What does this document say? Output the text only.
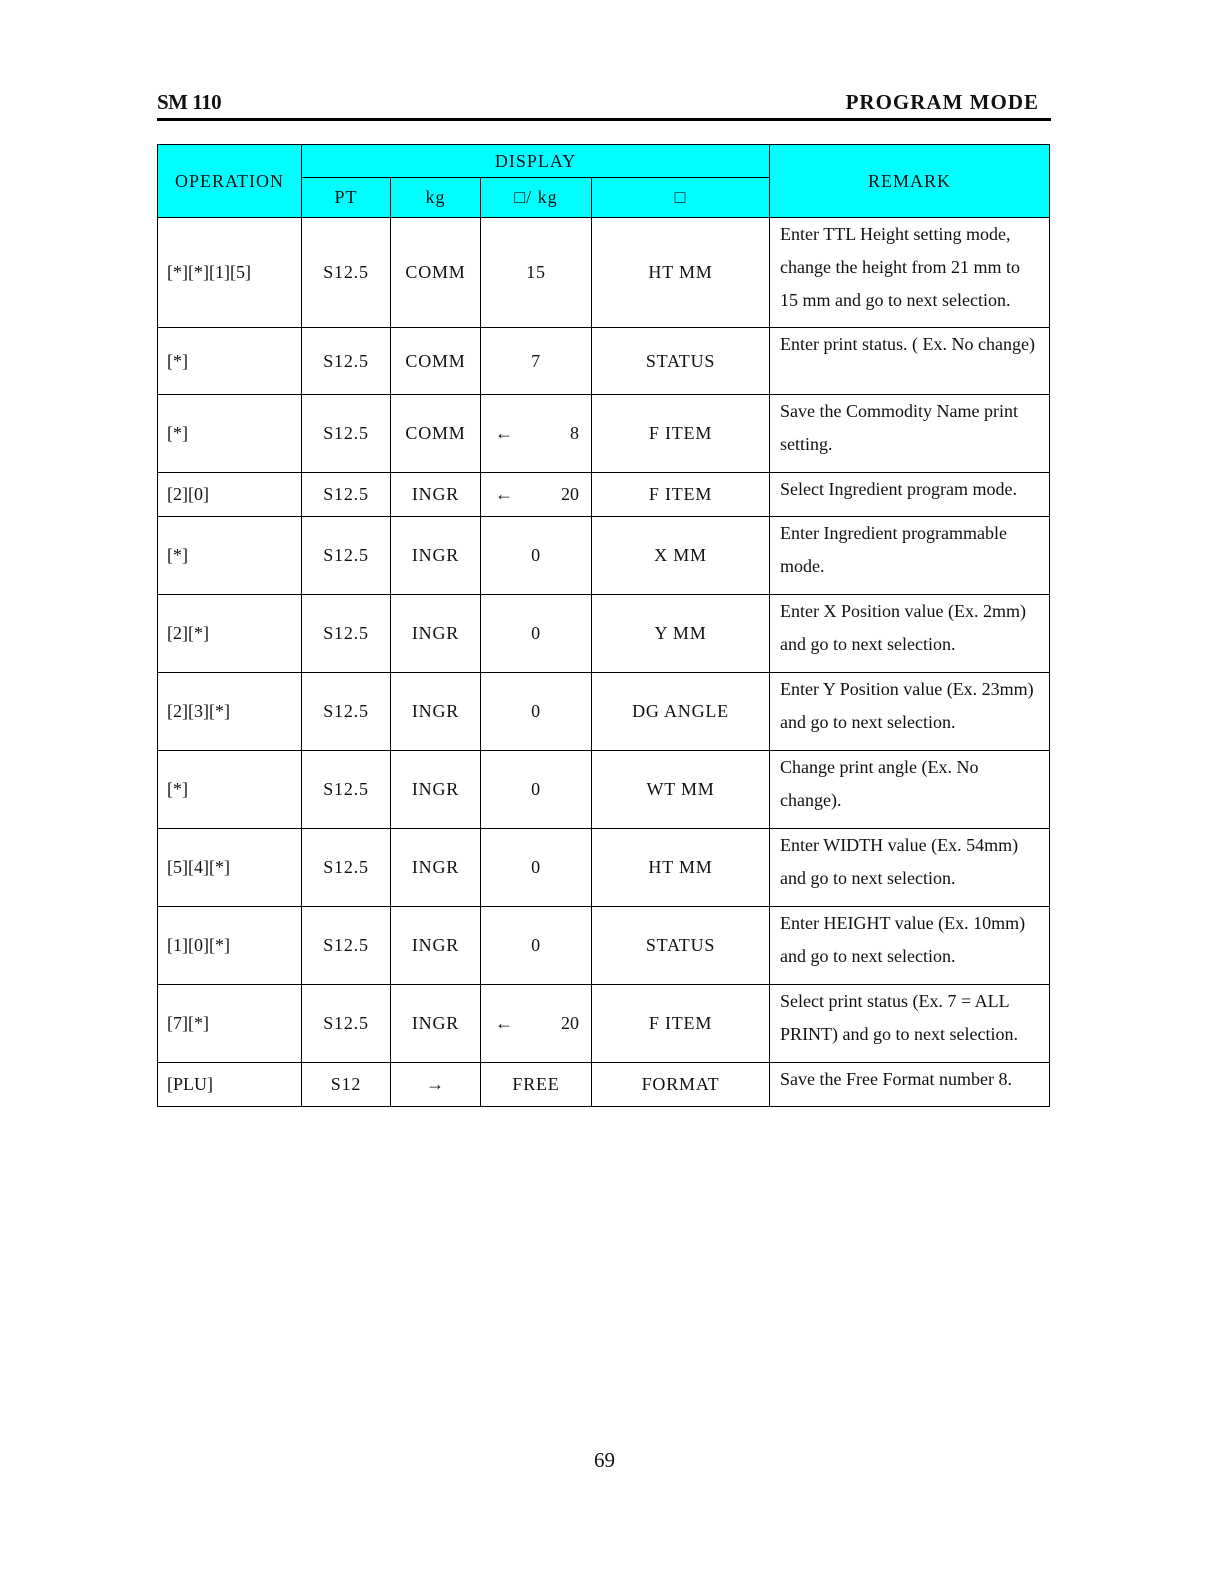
SM 110	PROGRAM MODE
OPERATION	DISPLAY				REMARK
	PT	kg	□/ kg	□	
[*][*][1][5]	S12.5	COMM	15	HT MM	Enter TTL Height setting mode, change the height from 21 mm to 15 mm and go to next selection.
[*]	S12.5	COMM	7	STATUS	Enter print status. ( Ex. No change)
[*]	S12.5	COMM	← 8	F ITEM	Save the Commodity Name print setting.
[2][0]	S12.5	INGR	← 20	F ITEM	Select Ingredient program mode.
[*]	S12.5	INGR	0	X MM	Enter Ingredient programmable mode.
[2][*]	S12.5	INGR	0	Y MM	Enter X Position value (Ex. 2mm) and go to next selection.
[2][3][*]	S12.5	INGR	0	DG ANGLE	Enter Y Position value (Ex. 23mm) and go to next selection.
[*]	S12.5	INGR	0	WT MM	Change print angle (Ex. No change).
[5][4][*]	S12.5	INGR	0	HT MM	Enter WIDTH value (Ex. 54mm) and go to next selection.
[1][0][*]	S12.5	INGR	0	STATUS	Enter HEIGHT value (Ex. 10mm) and go to next selection.
[7][*]	S12.5	INGR	← 20	F ITEM	Select print status (Ex. 7 = ALL PRINT) and go to next selection.
[PLU]	S12	→	FREE	FORMAT	Save the Free Format number 8.
69
